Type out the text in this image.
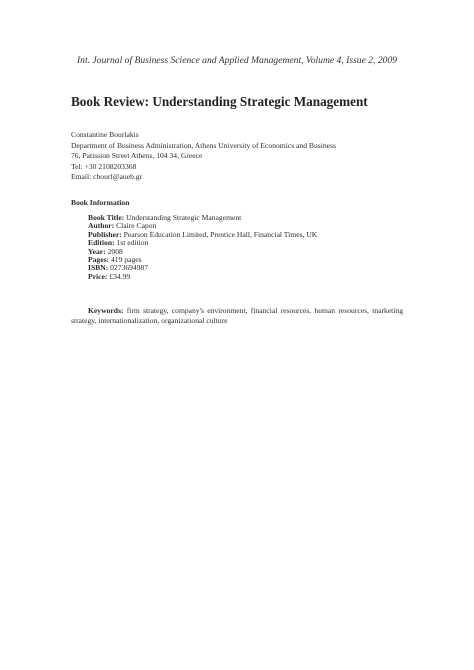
Int. Journal of Business Science and Applied Management, Volume 4, Issue 2, 2009
Book Review: Understanding Strategic Management
Constantine Bourlakis
Department of Business Administration, Athens University of Economics and Business
76, Patission Street Athens, 104 34, Greece
Tel: +30 2108203368
Email: cbourl@aueb.gr
Book Information
Book Title: Understanding Strategic Management
Author: Claire Capon
Publisher: Pearson Education Limited, Prentice Hall, Financial Times, UK
Edition: 1st edition
Year: 2008
Pages: 419 pages
ISBN: 0273694987
Price: £34.99
Keywords: firm strategy, company's environment, financial resources, human resources, marketing strategy, internationalization, organizational culture
